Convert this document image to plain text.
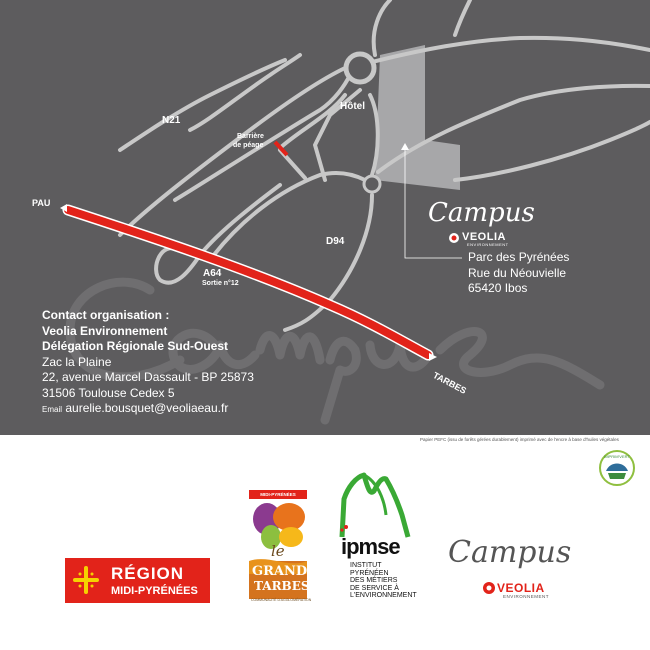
N21
Hôtel
Barrière
de péage
PAU
D94
A64
Sortie n°12
TARBES
Campus
VEOLIA
ENVIRONNEMENT
Parc des Pyrénées
Rue du Néouvielle
65420 Ibos
Contact organisation :
Veolia Environnement
Délégation Régionale Sud-Ouest
Zac la Plaine
22, avenue Marcel Dassault - BP 25873
31506 Toulouse Cedex 5
Email aurelie.bousquet@veoliaeau.fr
Papier PEFC (issu de forêts gérées durablement) imprimé avec de l'encre à base d'huiles végétales
IMPRIM'VERT
RÉGION
MIDI-PYRÉNÉES
MIDI-PYRÉNÉES
le
GRAND
TARBES
COMMUNAUTÉ D'AGGLOMÉRATION
ipmse
INSTITUT
PYRÉNÉEN
DES MÉTIERS
DE SERVICE À
L'ENVIRONNEMENT
Campus
VEOLIA
ENVIRONNEMENT
